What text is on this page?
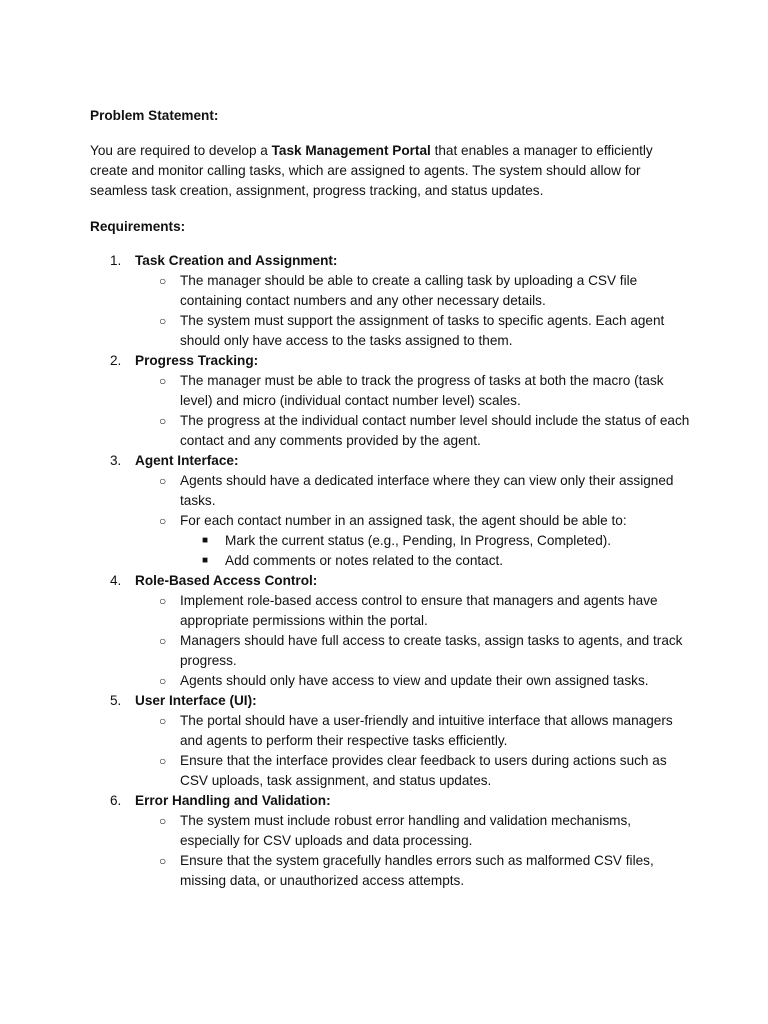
Problem Statement:

You are required to develop a Task Management Portal that enables a manager to efficiently create and monitor calling tasks, which are assigned to agents. The system should allow for seamless task creation, assignment, progress tracking, and status updates.

Requirements:

1.	Task Creation and Assignment:
○ The manager should be able to create a calling task by uploading a CSV file containing contact numbers and any other necessary details.
○ The system must support the assignment of tasks to specific agents. Each agent should only have access to the tasks assigned to them.
2.	Progress Tracking:
○ The manager must be able to track the progress of tasks at both the macro (task level) and micro (individual contact number level) scales.
○ The progress at the individual contact number level should include the status of each contact and any comments provided by the agent.
3.	Agent Interface:
○ Agents should have a dedicated interface where they can view only their assigned tasks.
○ For each contact number in an assigned task, the agent should be able to:
■ Mark the current status (e.g., Pending, In Progress, Completed).
■ Add comments or notes related to the contact.
4.	Role-Based Access Control:
○ Implement role-based access control to ensure that managers and agents have appropriate permissions within the portal.
○ Managers should have full access to create tasks, assign tasks to agents, and track progress.
○ Agents should only have access to view and update their own assigned tasks.
5.	User Interface (UI):
○ The portal should have a user-friendly and intuitive interface that allows managers and agents to perform their respective tasks efficiently.
○ Ensure that the interface provides clear feedback to users during actions such as CSV uploads, task assignment, and status updates.
6.	Error Handling and Validation:
○ The system must include robust error handling and validation mechanisms, especially for CSV uploads and data processing.
○ Ensure that the system gracefully handles errors such as malformed CSV files, missing data, or unauthorized access attempts.
